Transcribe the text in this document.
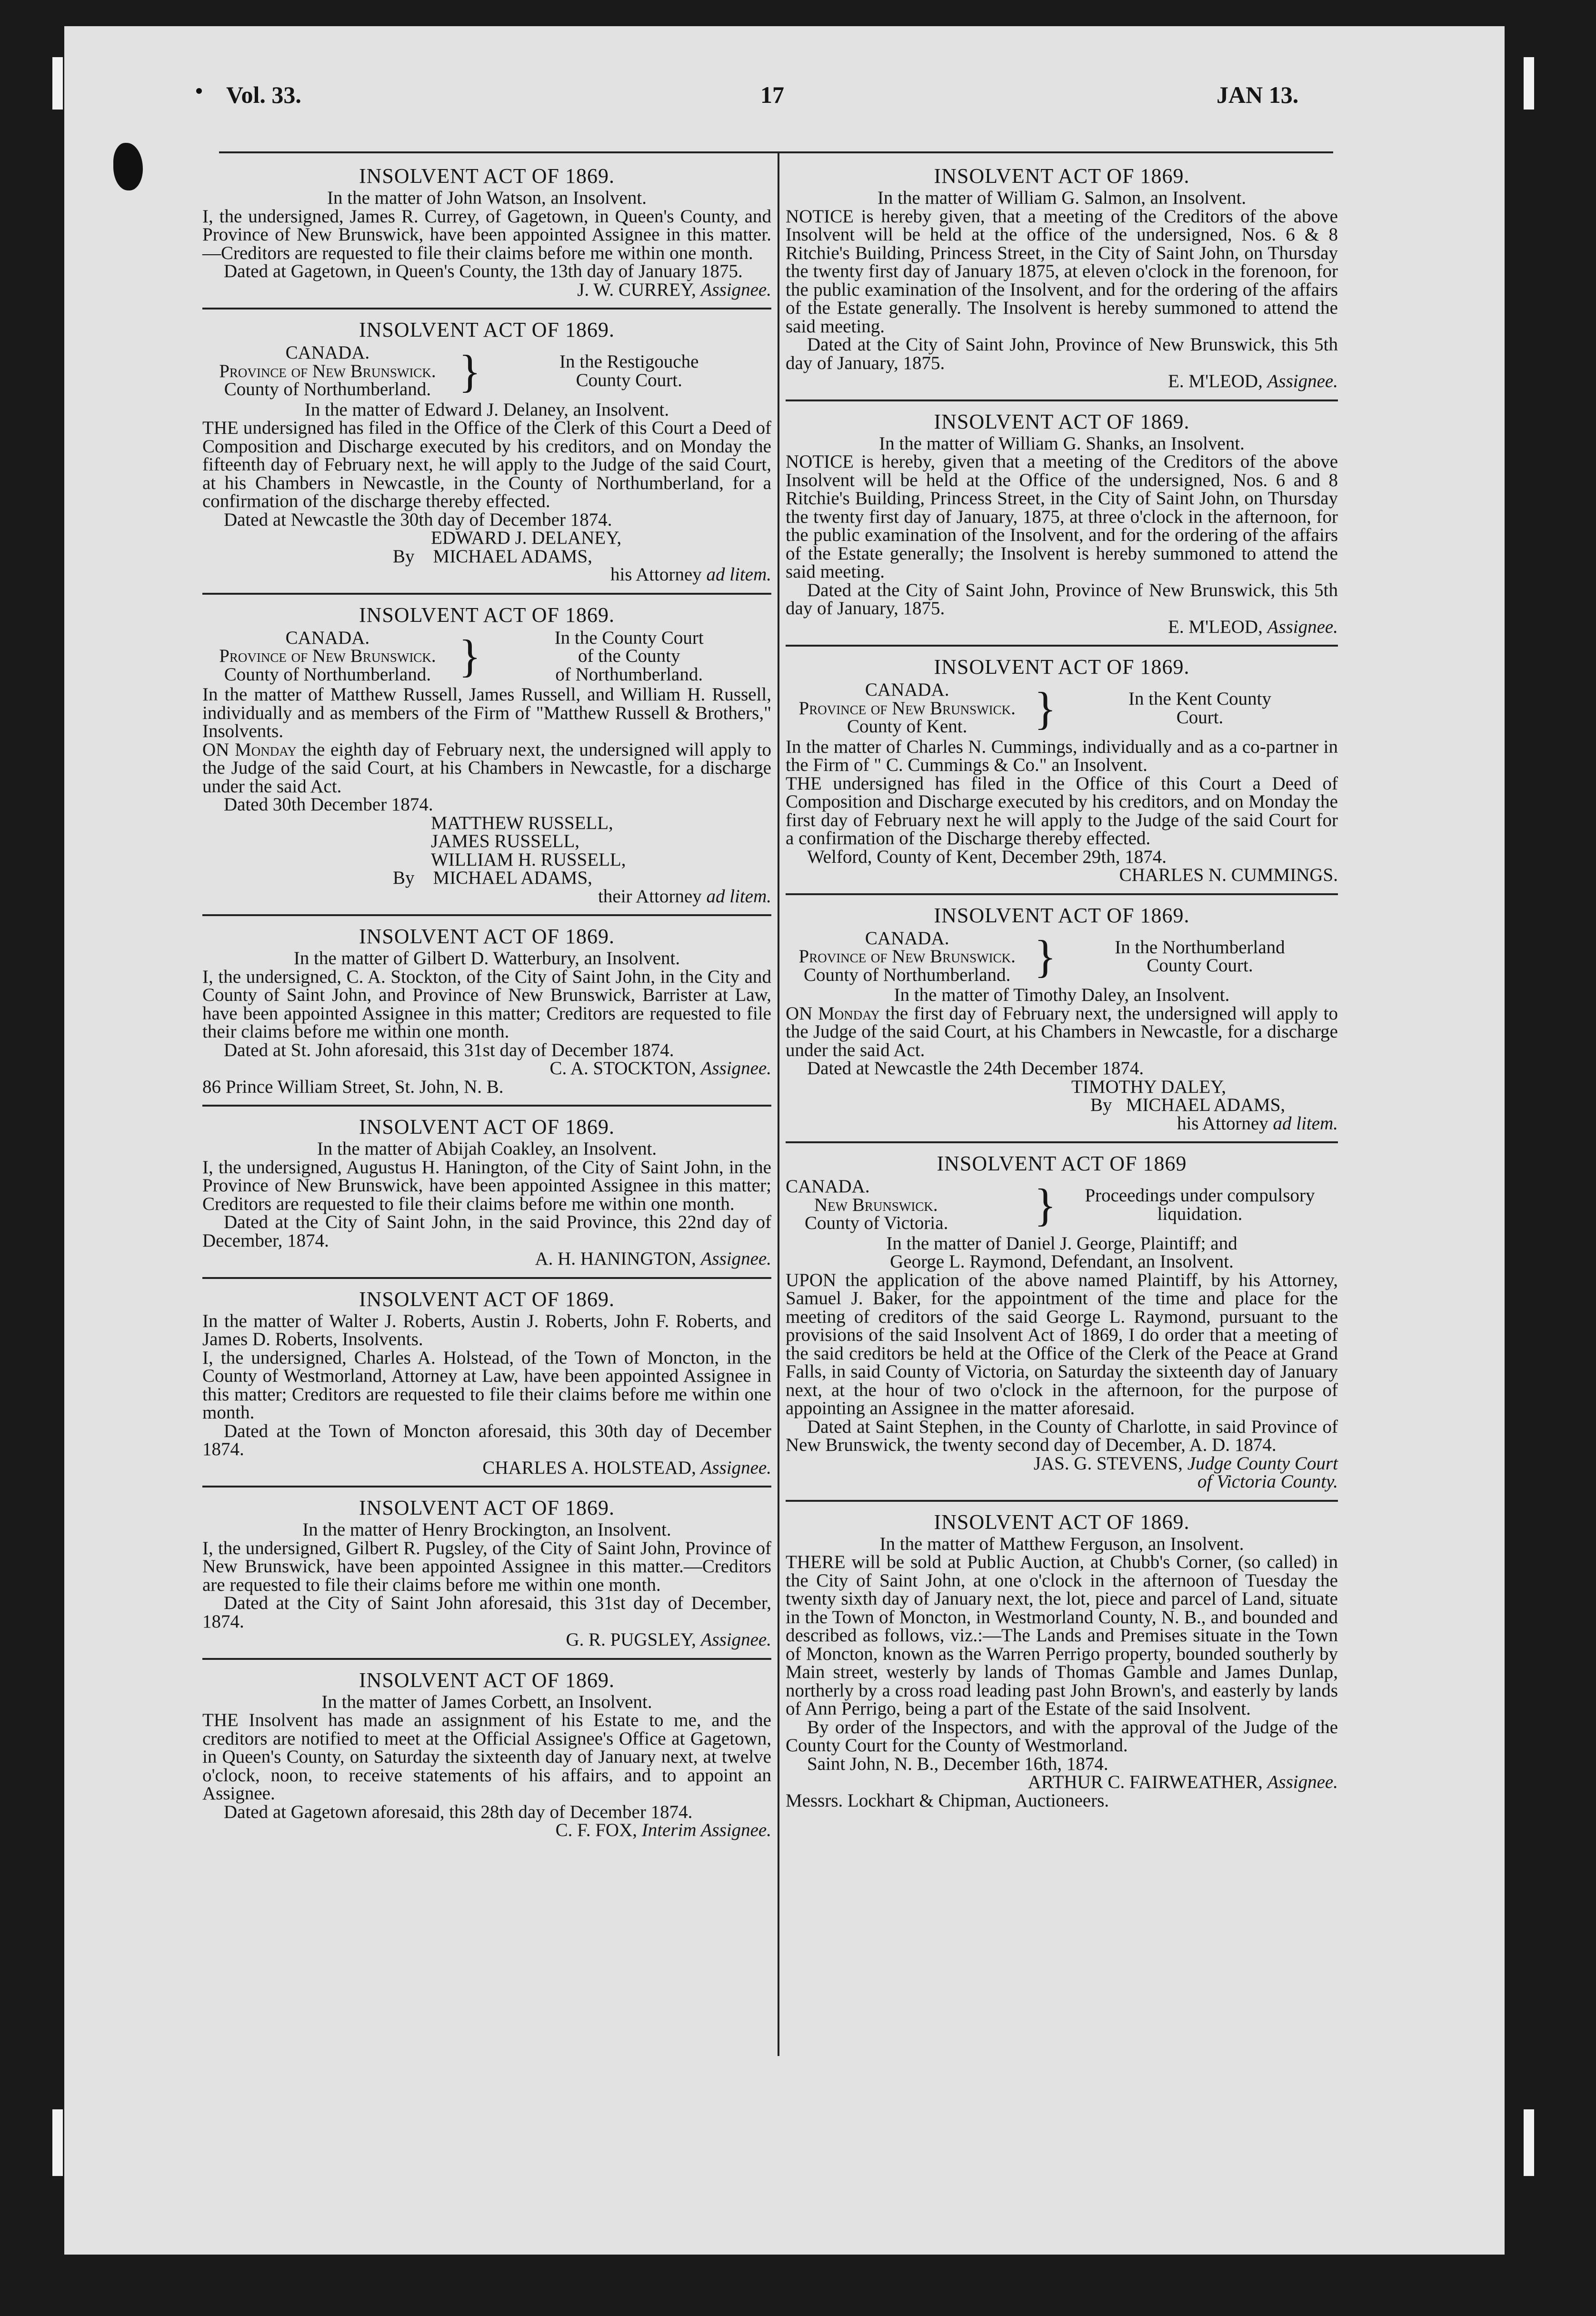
Vol. 33.	17	JAN 13.
INSOLVENT ACT OF 1869.
In the matter of John Watson, an Insolvent.

I, the undersigned, James R. Currey, of Gagetown, in Queen's County, and Province of New Brunswick, have been appointed Assignee in this matter.—Creditors are requested to file their claims before me within one month.

Dated at Gagetown, in Queen's County, the 13th day of January 1875.

J. W. CURREY, Assignee.
INSOLVENT ACT OF 1869.
CANADA.
Province of New Brunswick.
County of Northumberland. }	In the Restigouche
County Court.
In the matter of Edward J. Delaney, an Insolvent.

THE undersigned has filed in the Office of the Clerk of this Court a Deed of Composition and Discharge executed by his creditors, and on Monday the fifteenth day of February next, he will apply to the Judge of the said Court, at his Chambers in Newcastle, in the County of Northumberland, for a confirmation of the discharge thereby effected.

Dated at Newcastle the 30th day of December 1874.

EDWARD J. DELANEY,
By MICHAEL ADAMS,
his Attorney ad litem.
INSOLVENT ACT OF 1869.
CANADA.
Province of New Brunswick.
County of Northumberland. }	In the County Court
of the County
of Northumberland.

In the matter of Matthew Russell, James Russell, and William H. Russell, individually and as members of the Firm of "Matthew Russell & Brothers," Insolvents.

ON Monday the eighth day of February next, the undersigned will apply to the Judge of the said Court, at his Chambers in Newcastle, for a discharge under the said Act.

Dated 30th December 1874.

MATTHEW RUSSELL,
JAMES RUSSELL,
WILLIAM H. RUSSELL,
By MICHAEL ADAMS,
their Attorney ad litem.
INSOLVENT ACT OF 1869.
In the matter of Gilbert D. Watterbury, an Insolvent.

I, the undersigned, C. A. Stockton, of the City of Saint John, in the City and County of Saint John, and Province of New Brunswick, Barrister at Law, have been appointed Assignee in this matter; Creditors are requested to file their claims before me within one month.

Dated at St. John aforesaid, this 31st day of December 1874.

C. A. STOCKTON, Assignee.
86 Prince William Street, St. John, N. B.
INSOLVENT ACT OF 1869.
In the matter of Abijah Coakley, an Insolvent.

I, the undersigned, Augustus H. Hanington, of the City of Saint John, in the Province of New Brunswick, have been appointed Assignee in this matter; Creditors are requested to file their claims before me within one month.

Dated at the City of Saint John, in the said Province, this 22nd day of December, 1874.

A. H. HANINGTON, Assignee.
INSOLVENT ACT OF 1869.

In the matter of Walter J. Roberts, Austin J. Roberts, John F. Roberts, and James D. Roberts, Insolvents.

I, the undersigned, Charles A. Holstead, of the Town of Moncton, in the County of Westmorland, Attorney at Law, have been appointed Assignee in this matter; Creditors are requested to file their claims before me within one month.

Dated at the Town of Moncton aforesaid, this 30th day of December 1874.

CHARLES A. HOLSTEAD, Assignee.
INSOLVENT ACT OF 1869.
In the matter of Henry Brockington, an Insolvent.

I, the undersigned, Gilbert R. Pugsley, of the City of Saint John, Province of New Brunswick, have been appointed Assignee in this matter.—Creditors are requested to file their claims before me within one month.

Dated at the City of Saint John aforesaid, this 31st day of December, 1874.

G. R. PUGSLEY, Assignee.
INSOLVENT ACT OF 1869.
In the matter of James Corbett, an Insolvent.

THE Insolvent has made an assignment of his Estate to me, and the creditors are notified to meet at the Official Assignee's Office at Gagetown, in Queen's County, on Saturday the sixteenth day of January next, at twelve o'clock, noon, to receive statements of his affairs, and to appoint an Assignee.

Dated at Gagetown aforesaid, this 28th day of December 1874.

C. F. FOX, Interim Assignee.
INSOLVENT ACT OF 1869.
In the matter of William G. Salmon, an Insolvent.

NOTICE is hereby given, that a meeting of the Creditors of the above Insolvent will be held at the office of the undersigned, Nos. 6 & 8 Ritchie's Building, Princess Street, in the City of Saint John, on Thursday the twenty first day of January 1875, at eleven o'clock in the forenoon, for the public examination of the Insolvent, and for the ordering of the affairs of the Estate generally. The Insolvent is hereby summoned to attend the said meeting.

Dated at the City of Saint John, Province of New Brunswick, this 5th day of January, 1875.

E. M'LEOD, Assignee.
INSOLVENT ACT OF 1869.
In the matter of William G. Shanks, an Insolvent.

NOTICE is hereby, given that a meeting of the Creditors of the above Insolvent will be held at the Office of the undersigned, Nos. 6 and 8 Ritchie's Building, Princess Street, in the City of Saint John, on Thursday the twenty first day of January, 1875, at three o'clock in the afternoon, for the public examination of the Insolvent, and for the ordering of the affairs of the Estate generally; the Insolvent is hereby summoned to attend the said meeting.

Dated at the City of Saint John, Province of New Brunswick, this 5th day of January, 1875.

E. M'LEOD, Assignee.
INSOLVENT ACT OF 1869.
CANADA.
Province of New Brunswick.
County of Kent.	}	In the Kent County
Court.

In the matter of Charles N. Cummings, individually and as a co-partner in the Firm of " C. Cummings & Co." an Insolvent.

THE undersigned has filed in the Office of this Court a Deed of Composition and Discharge executed by his creditors, and on Monday the first day of February next he will apply to the Judge of the said Court for a confirmation of the Discharge thereby effected.

Welford, County of Kent, December 29th, 1874.

CHARLES N. CUMMINGS.
INSOLVENT ACT OF 1869.
CANADA.
Province of New Brunswick.
County of Northumberland. }	In the Northumberland
County Court.
In the matter of Timothy Daley, an Insolvent.

ON Monday the first day of February next, the undersigned will apply to the Judge of the said Court, at his Chambers in Newcastle, for a discharge under the said Act.

Dated at Newcastle the 24th December 1874.

TIMOTHY DALEY,
By MICHAEL ADAMS,
his Attorney ad litem.
INSOLVENT ACT OF 1869
CANADA.
New Brunswick.
County of Victoria.	}	Proceedings under compulsory
liquidation.
In the matter of Daniel J. George, Plaintiff; and
George L. Raymond, Defendant, an Insolvent.

UPON the application of the above named Plaintiff, by his Attorney, Samuel J. Baker, for the appointment of the time and place for the meeting of creditors of the said George L. Raymond, pursuant to the provisions of the said Insolvent Act of 1869, I do order that a meeting of the said creditors be held at the Office of the Clerk of the Peace at Grand Falls, in said County of Victoria, on Saturday the sixteenth day of January next, at the hour of two o'clock in the afternoon, for the purpose of appointing an Assignee in the matter aforesaid.

Dated at Saint Stephen, in the County of Charlotte, in said Province of New Brunswick, the twenty second day of December, A. D. 1874.

JAS. G. STEVENS, Judge County Court
of Victoria County.
INSOLVENT ACT OF 1869.
In the matter of Matthew Ferguson, an Insolvent.

THERE will be sold at Public Auction, at Chubb's Corner, (so called) in the City of Saint John, at one o'clock in the afternoon of Tuesday the twenty sixth day of January next, the lot, piece and parcel of Land, situate in the Town of Moncton, in Westmorland County, N. B., and bounded and described as follows, viz.:—The Lands and Premises situate in the Town of Moncton, known as the Warren Perrigo property, bounded southerly by Main street, westerly by lands of Thomas Gamble and James Dunlap, northerly by a cross road leading past John Brown's, and easterly by lands of Ann Perrigo, being a part of the Estate of the said Insolvent.

By order of the Inspectors, and with the approval of the Judge of the County Court for the County of Westmorland.

Saint John, N. B., December 16th, 1874.

ARTHUR C. FAIRWEATHER, Assignee.
Messrs. Lockhart & Chipman, Auctioneers.
